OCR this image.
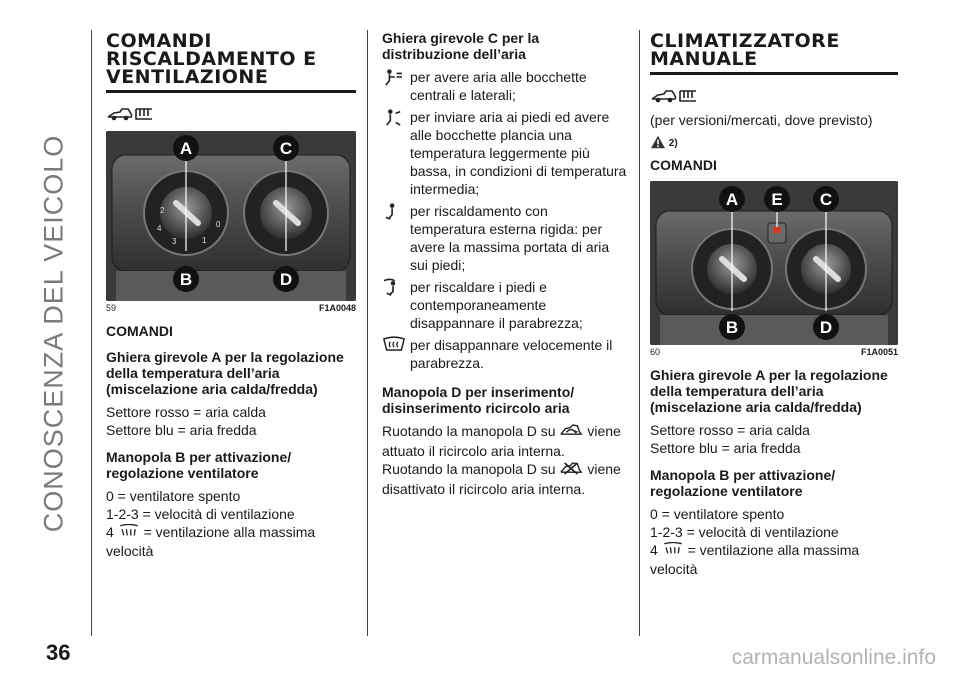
CONOSCENZA DEL VEICOLO
COMANDI
RISCALDAMENTO E
VENTILAZIONE
4
3
2
1
0
A	C
B	D
59	F1A0048
COMANDI
Ghiera girevole A per la regolazione della temperatura dell’aria (miscelazione aria calda/fredda)

Settore rosso = aria calda

Settore blu = aria fredda

Manopola B per attivazione/ regolazione ventilatore

0 = ventilatore spento

1-2-3 = velocità di ventilazione

4 = ventilazione alla massima

velocità

Ghiera girevole C per la distribuzione dell’aria
per avere aria alle bocchette centrali e laterali;
per inviare aria ai piedi ed avere alle bocchette plancia una temperatura leggermente più bassa, in condizioni di temperatura intermedia;
per riscaldamento con temperatura esterna rigida: per avere la massima portata di aria sui piedi;
per riscaldare i piedi e contemporaneamente disappannare il parabrezza;
per disappannare velocemente il parabrezza.
Manopola D per inserimento/ disinserimento ricircolo aria

Ruotando la manopola D su viene attuato il ricircolo aria interna.

Ruotando la manopola D su viene disattivato il ricircolo aria interna.

CLIMATIZZATORE
MANUALE

(per versioni/mercati, dove previsto)

2)
COMANDI
A E C
B	D
60	F1A0051
Ghiera girevole A per la regolazione della temperatura dell’aria (miscelazione aria calda/fredda)

Settore rosso = aria calda

Settore blu = aria fredda

Manopola B per attivazione/ regolazione ventilatore

0 = ventilatore spento

1-2-3 = velocità di ventilazione

4 = ventilazione alla massima

velocità

36	carmanualsonline.info
